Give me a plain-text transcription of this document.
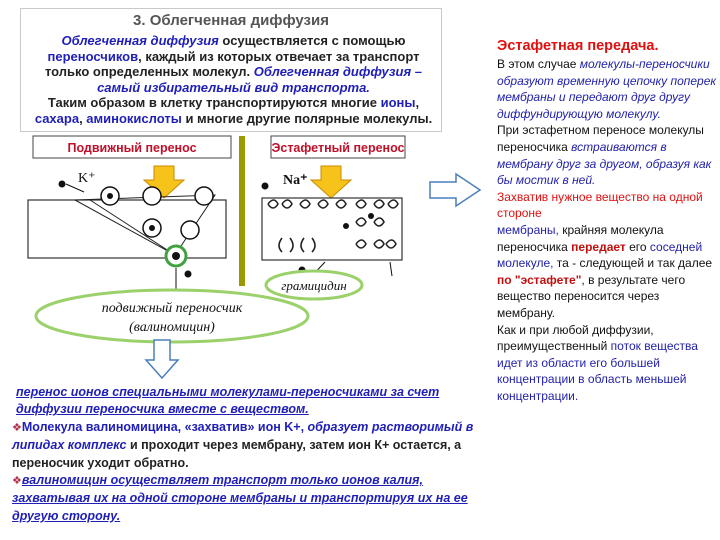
3. Облегченная диффузия
Облегченная диффузия осуществляется с помощью переносчиков, каждый из которых отвечает за транспорт только определенных молекул. Облегченная диффузия – самый избирательный вид транспорта.
Таким образом в клетку транспортируются многие ионы, сахара, аминокислоты и многие другие полярные молекулы.
Подвижный перенос	Эстафетный перенос
K⁺	Na⁺
грамицидин
подвижный переносчик
(валиномицин)
Эстафетная передача.
В этом случае молекулы-переносчики образуют временную цепочку поперек мембраны и передают друг другу диффундирующую молекулу.
При эстафетном переносе молекулы переносчика встраиваются в мембрану друг за другом, образуя как бы мостик в ней.
Захватив нужное вещество на одной стороне
мембраны, крайняя молекула переносчика передает его соседней молекуле, та - следующей и так далее по "эстафете", в результате чего вещество переносится через мембрану.
Как и при любой диффузии, преимущественный поток вещества идет из области его большей концентрации в область меньшей концентрации.
перенос ионов специальными молекулами-переносчиками за счет диффузии переносчика вместе с веществом.
❖Молекула валиномицина, «захватив» ион K+, образует растворимый в липидах комплекс и проходит через мембрану, затем ион К+ остается, а переносчик уходит обратно.
❖валиномицин осуществляет транспорт только ионов калия, захватывая их на одной стороне мембраны и транспортируя их на ее другую сторону.
